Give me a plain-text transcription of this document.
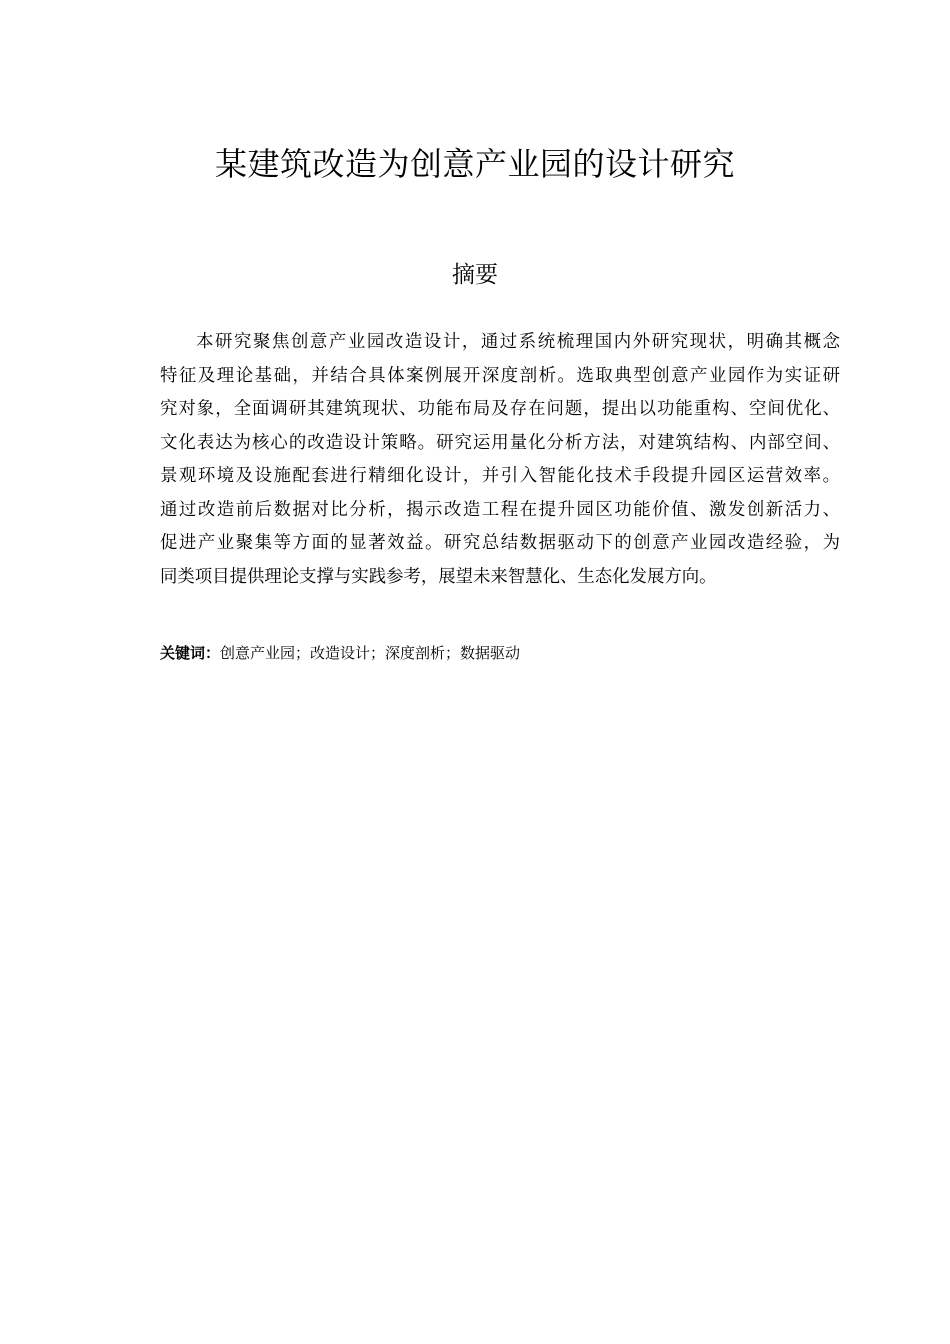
某建筑改造为创意产业园的设计研究
摘要
本研究聚焦创意产业园改造设计，通过系统梳理国内外研究现状，明确其概念
特征及理论基础，并结合具体案例展开深度剖析。选取典型创意产业园作为实证研
究对象，全面调研其建筑现状、功能布局及存在问题，提出以功能重构、空间优化、
文化表达为核心的改造设计策略。研究运用量化分析方法，对建筑结构、内部空间、
景观环境及设施配套进行精细化设计，并引入智能化技术手段提升园区运营效率。
通过改造前后数据对比分析，揭示改造工程在提升园区功能价值、激发创新活力、
促进产业聚集等方面的显著效益。研究总结数据驱动下的创意产业园改造经验，为
同类项目提供理论支撑与实践参考，展望未来智慧化、生态化发展方向。
关键词：创意产业园；改造设计；深度剖析；数据驱动
